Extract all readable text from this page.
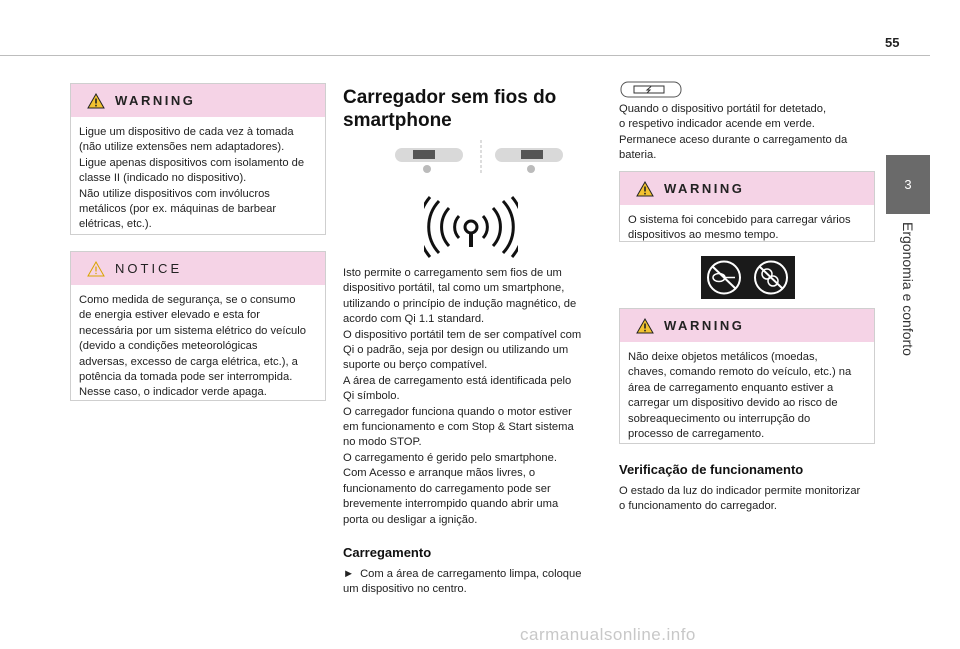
55
3
Ergonomia e conforto
WARNING
Ligue um dispositivo de cada vez à tomada
(não utilize extensões nem adaptadores).
Ligue apenas dispositivos com isolamento de
classe II (indicado no dispositivo).
Não utilize dispositivos com invólucros
metálicos (por ex. máquinas de barbear
elétricas, etc.).
NOTICE
Como medida de segurança, se o consumo
de energia estiver elevado e esta for
necessária por um sistema elétrico do veículo
(devido a condições meteorológicas
adversas, excesso de carga elétrica, etc.), a
potência da tomada pode ser interrompida.
Nesse caso, o indicador verde apaga.
Carregador sem fios do
smartphone
Isto permite o carregamento sem fios de um
dispositivo portátil, tal como um smartphone,
utilizando o princípio de indução magnético, de
acordo com Qi 1.1 standard.
O dispositivo portátil tem de ser compatível com
Qi o padrão, seja por design ou utilizando um
suporte ou berço compatível.
A área de carregamento está identificada pelo
Qi símbolo.
O carregador funciona quando o motor estiver
em funcionamento e com Stop & Start sistema
no modo STOP.
O carregamento é gerido pelo smartphone.
Com Acesso e arranque mãos livres, o
funcionamento do carregamento pode ser
brevemente interrompido quando abrir uma
porta ou desligar a ignição.
Carregamento
► Com a área de carregamento limpa, coloque
um dispositivo no centro.
Quando o dispositivo portátil for detetado,
o respetivo indicador acende em verde.
Permanece aceso durante o carregamento da
bateria.
WARNING
O sistema foi concebido para carregar vários
dispositivos ao mesmo tempo.
WARNING
Não deixe objetos metálicos (moedas,
chaves, comando remoto do veículo, etc.) na
área de carregamento enquanto estiver a
carregar um dispositivo devido ao risco de
sobreaquecimento ou interrupção do
processo de carregamento.
Verificação de funcionamento
O estado da luz do indicador permite monitorizar
o funcionamento do carregador.
carmanualsonline.info
